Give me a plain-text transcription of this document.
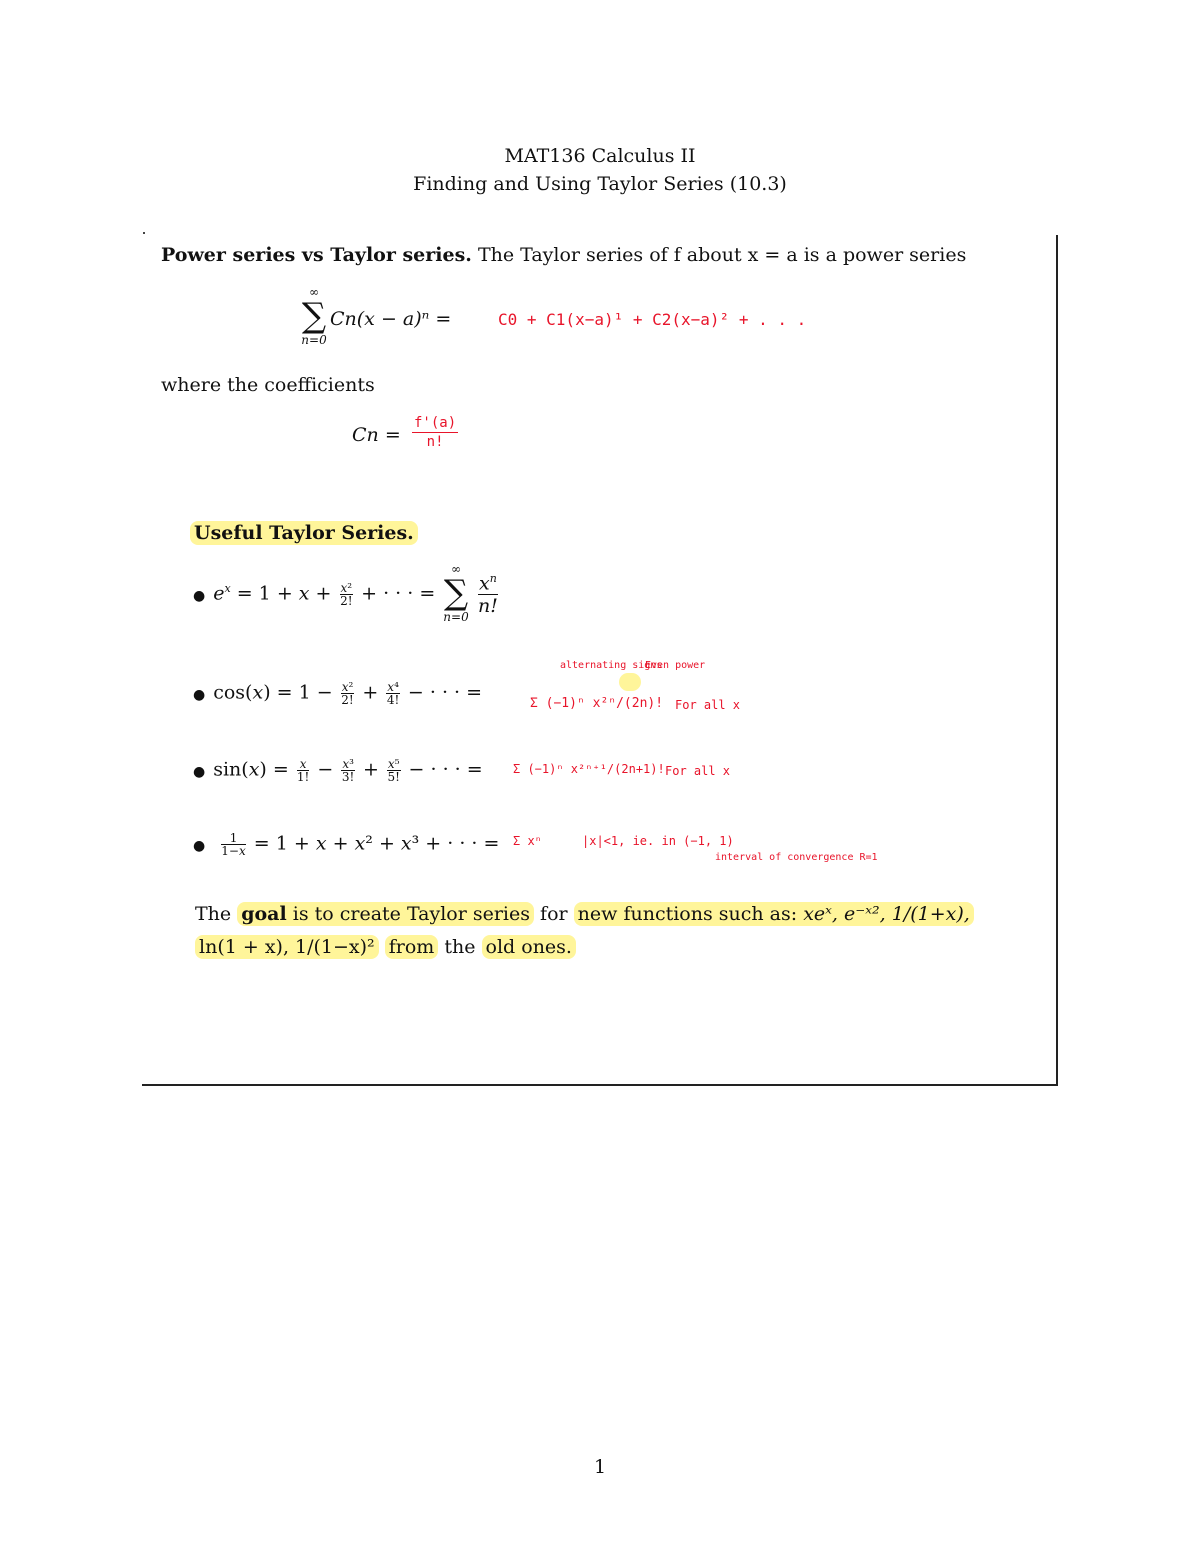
MAT136 Calculus II
Finding and Using Taylor Series (10.3)
Power series vs Taylor series. The Taylor series of f about x = a is a power series
∞
∑
n=0
Cn(x − a)ⁿ =	C0 + C1(x−a)¹ + C2(x−a)² + . . .
where the coefficients
$Cn = \frac{f'(a)}{n!}$
Useful Taylor Series.
● $e^x = 1 + x + \frac{\text{x²}}{2!}$ + · · · =
∞
∑
n=0
$x^n$
n!
● $\cos(x) = 1 - \frac{\text{x²}}{2!} + \frac{\text{x⁴}}{4!}$ − · · · =
alternating signs
Even power
Σ (−1)ⁿ x²ⁿ/(2n)! For all x
● $\sin(x) = \frac{x}{1!} - \frac{\text{x³}}{3!} + \frac{\text{x⁵}}{5!}$ − · · · =	Σ (−1)ⁿ x²ⁿ⁺¹/(2n+1)! For all x
● $\frac{1}{1-x} = 1 + x + x^2 + x^3$ + · · · = Σ xⁿ	|x|<1, ie. in (−1, 1)
interval of convergence R=1
The goal is to create Taylor series for new functions such as: xeˣ, e⁻ˣ², 1/(1+x),
ln(1 + x), 1/(1−x)² from the old ones.
1
